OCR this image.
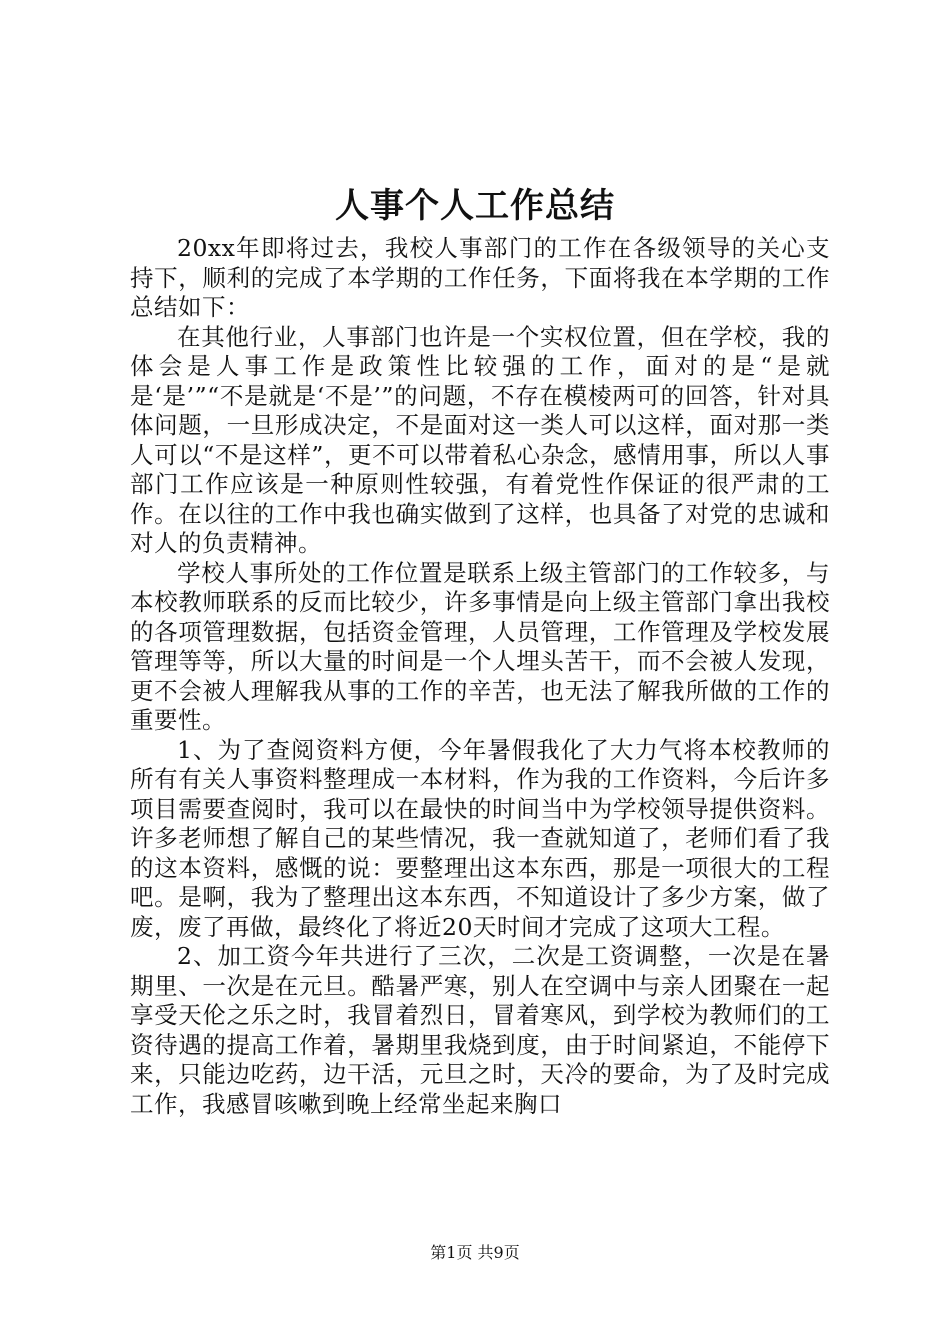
人事个人工作总结

20xx年即将过去，我校人事部门的工作在各级领导的关心支持下，顺利的完成了本学期的工作任务，下面将我在本学期的工作总结如下：

在其他行业，人事部门也许是一个实权位置，但在学校，我的体会是人事工作是政策性比较强的工作，面对的是“是就是‘是’”“不是就是‘不是’”的问题，不存在模棱两可的回答，针对具体问题，一旦形成决定，不是面对这一类人可以这样，面对那一类人可以“不是这样”，更不可以带着私心杂念，感情用事，所以人事部门工作应该是一种原则性较强，有着党性作保证的很严肃的工作。在以往的工作中我也确实做到了这样，也具备了对党的忠诚和对人的负责精神。

学校人事所处的工作位置是联系上级主管部门的工作较多，与本校教师联系的反而比较少，许多事情是向上级主管部门拿出我校的各项管理数据，包括资金管理，人员管理，工作管理及学校发展管理等等，所以大量的时间是一个人埋头苦干，而不会被人发现，更不会被人理解我从事的工作的辛苦，也无法了解我所做的工作的重要性。

1、为了查阅资料方便，今年暑假我化了大力气将本校教师的所有有关人事资料整理成一本材料，作为我的工作资料，今后许多项目需要查阅时，我可以在最快的时间当中为学校领导提供资料。许多老师想了解自己的某些情况，我一查就知道了，老师们看了我的这本资料，感慨的说：要整理出这本东西，那是一项很大的工程吧。是啊，我为了整理出这本东西，不知道设计了多少方案，做了废，废了再做，最终化了将近20天时间才完成了这项大工程。

2、加工资今年共进行了三次，二次是工资调整，一次是在暑期里、一次是在元旦。酷暑严寒，别人在空调中与亲人团聚在一起享受天伦之乐之时，我冒着烈日，冒着寒风，到学校为教师们的工资待遇的提高工作着，暑期里我烧到度，由于时间紧迫，不能停下来，只能边吃药，边干活，元旦之时，天冷的要命，为了及时完成工作，我感冒咳嗽到晚上经常坐起来胸口

第1页 共9页
